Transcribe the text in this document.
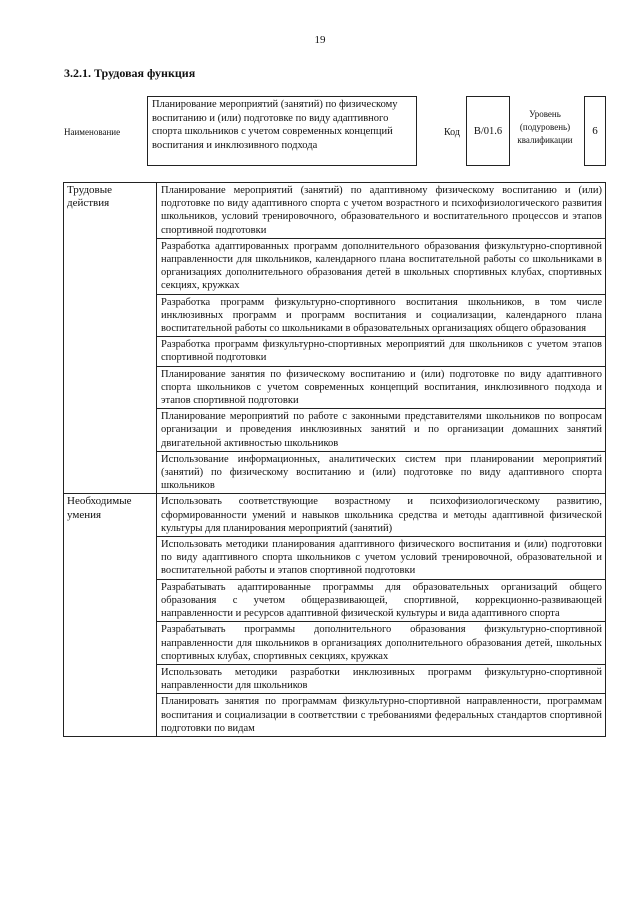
19
3.2.1. Трудовая функция
Наименование
Планирование мероприятий (занятий) по физическому воспитанию и (или) подготовке по виду адаптивного спорта школьников с учетом современных концепций воспитания и инклюзивного подхода
Код	B/01.6
Уровень (подуровень) квалификации
6
Трудовые действия	Планирование мероприятий (занятий) по адаптивному физическому воспитанию и (или) подготовке по виду адаптивного спорта с учетом возрастного и психофизиологического развития школьников, условий тренировочного, образовательного и воспитательного процессов и этапов спортивной подготовки
	Разработка адаптированных программ дополнительного образования физкультурно-спортивной направленности для школьников, календарного плана воспитательной работы со школьниками в организациях дополнительного образования детей в школьных спортивных клубах, спортивных секциях, кружках
	Разработка программ физкультурно-спортивного воспитания школьников, в том числе инклюзивных программ и программ воспитания и социализации, календарного плана воспитательной работы со школьниками в образовательных организациях общего образования
	Разработка программ физкультурно-спортивных мероприятий для школьников с учетом этапов спортивной подготовки
	Планирование занятия по физическому воспитанию и (или) подготовке по виду адаптивного спорта школьников с учетом современных концепций воспитания, инклюзивного подхода и этапов спортивной подготовки
	Планирование мероприятий по работе с законными представителями школьников по вопросам организации и проведения инклюзивных занятий и по организации домашних занятий двигательной активностью школьников
	Использование информационных, аналитических систем при планировании мероприятий (занятий) по физическому воспитанию и (или) подготовке по виду адаптивного спорта школьников
Необходимые умения	Использовать соответствующие возрастному и психофизиологическому развитию, сформированности умений и навыков школьника средства и методы адаптивной физической культуры для планирования мероприятий (занятий)
	Использовать методики планирования адаптивного физического воспитания и (или) подготовки по виду адаптивного спорта школьников с учетом условий тренировочной, образовательной и воспитательной работы и этапов спортивной подготовки
	Разрабатывать адаптированные программы для образовательных организаций общего образования с учетом общеразвивающей, спортивной, коррекционно-развивающей направленности и ресурсов адаптивной физической культуры и вида адаптивного спорта
	Разрабатывать программы дополнительного образования физкультурно-спортивной направленности для школьников в организациях дополнительного образования детей, школьных спортивных клубах, спортивных секциях, кружках
	Использовать методики разработки инклюзивных программ физкультурно-спортивной направленности для школьников
	Планировать занятия по программам физкультурно-спортивной направленности, программам воспитания и социализации в соответствии с требованиями федеральных стандартов спортивной подготовки по видам
